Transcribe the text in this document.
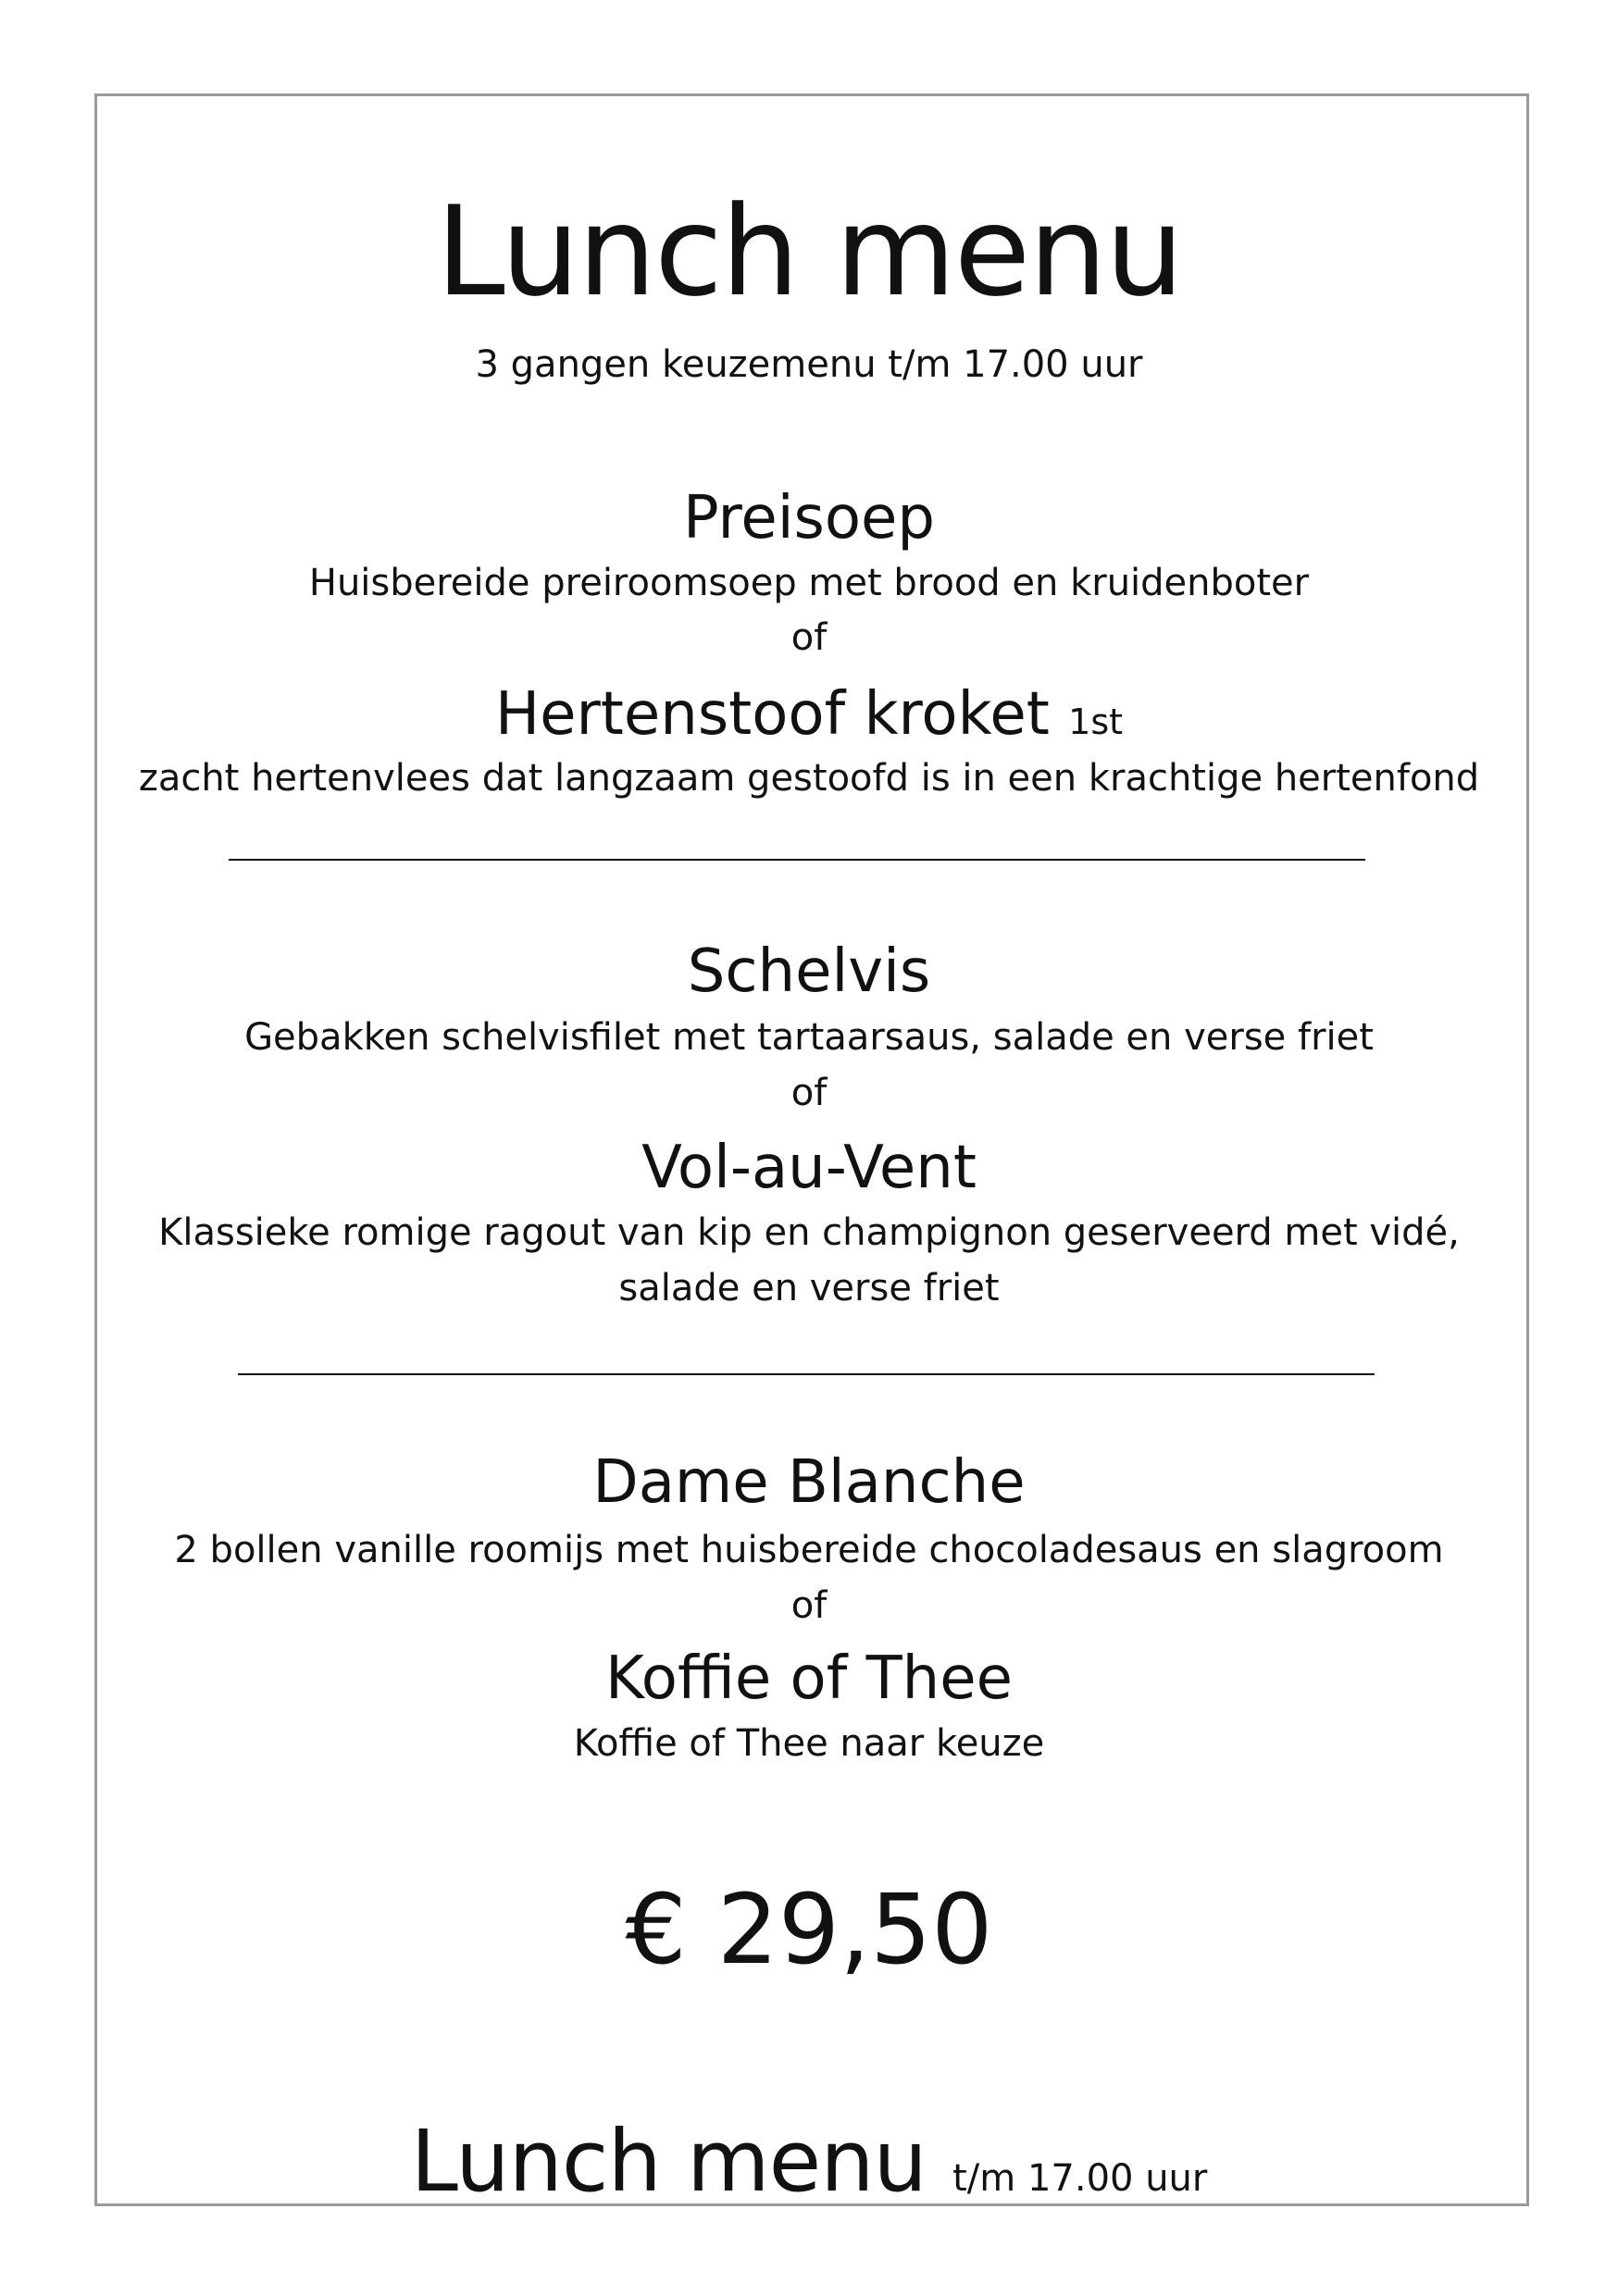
Lunch menu
3 gangen keuzemenu t/m 17.00 uur
Preisoep
Huisbereide preiroomsoep met brood en kruidenboter
of
Hertenstoof kroket 1st
zacht hertenvlees dat langzaam gestoofd is in een krachtige hertenfond
Schelvis
Gebakken schelvisfilet met tartaarsaus, salade en verse friet
of
Vol-au-Vent
Klassieke romige ragout van kip en champignon geserveerd met vidé,
salade en verse friet
Dame Blanche
2 bollen vanille roomijs met huisbereide chocoladesaus en slagroom
of
Koffie of Thee
Koffie of Thee naar keuze
€ 29,50
Lunch menu t/m 17.00 uur
